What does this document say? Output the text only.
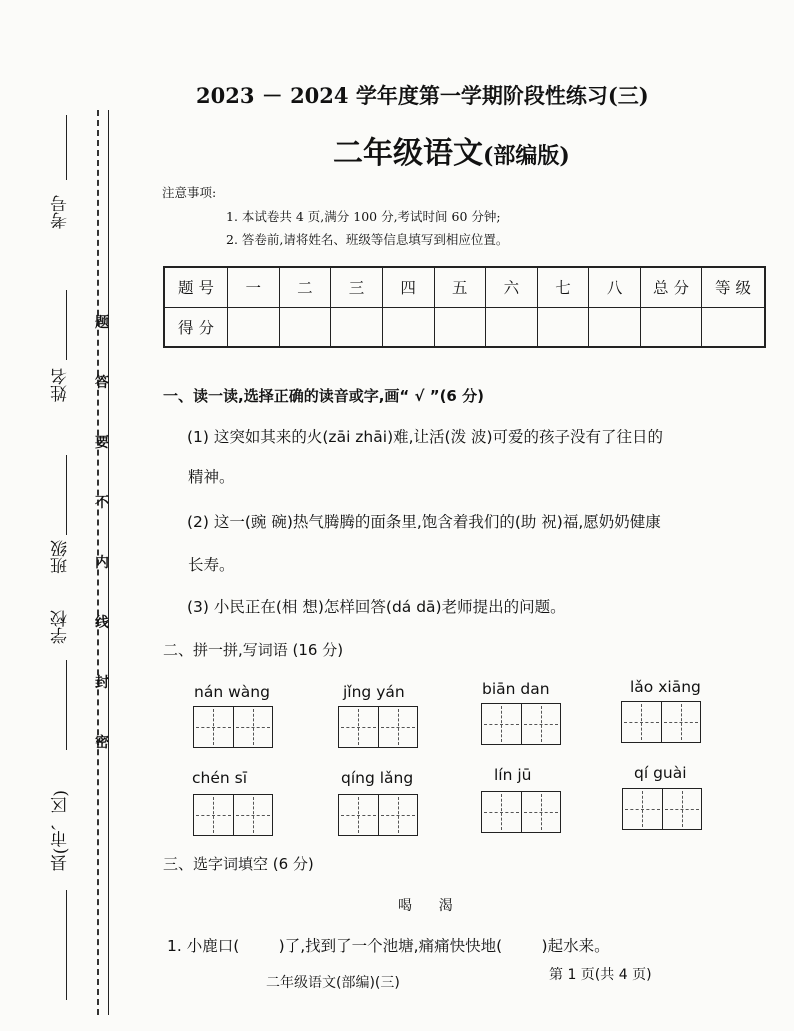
考号
姓名
班级
学校
县(市、区)
题
答
要
不
内
线
封
密
2023 － 2024 学年度第一学期阶段性练习(三)
二年级语文(部编版)
注意事项:
1. 本试卷共 4 页,满分 100 分,考试时间 60 分钟;
2. 答卷前,请将姓名、班级等信息填写到相应位置。
题 号	一	二	三	四	五	六	七	八	总 分	等 级
得 分										
一、读一读,选择正确的读音或字,画“ √ ”(6 分)
(1) 这突如其来的火(zāi zhāi)难,让活(泼 波)可爱的孩子没有了往日的
精神。
(2) 这一(豌 碗)热气腾腾的面条里,饱含着我们的(助 祝)福,愿奶奶健康
长寿。
(3) 小民正在(相 想)怎样回答(dá dā)老师提出的问题。
二、拼一拼,写词语 (16 分)
nán wàng	jǐng yán	biān dan	lǎo xiāng
chén sī	qíng lǎng	lín jū	qí guài
三、选字词填空 (6 分)
喝      渴
1. 小鹿口(        )了,找到了一个池塘,痛痛快快地(        )起水来。
二年级语文(部编)(三)	第 1 页(共 4 页)
